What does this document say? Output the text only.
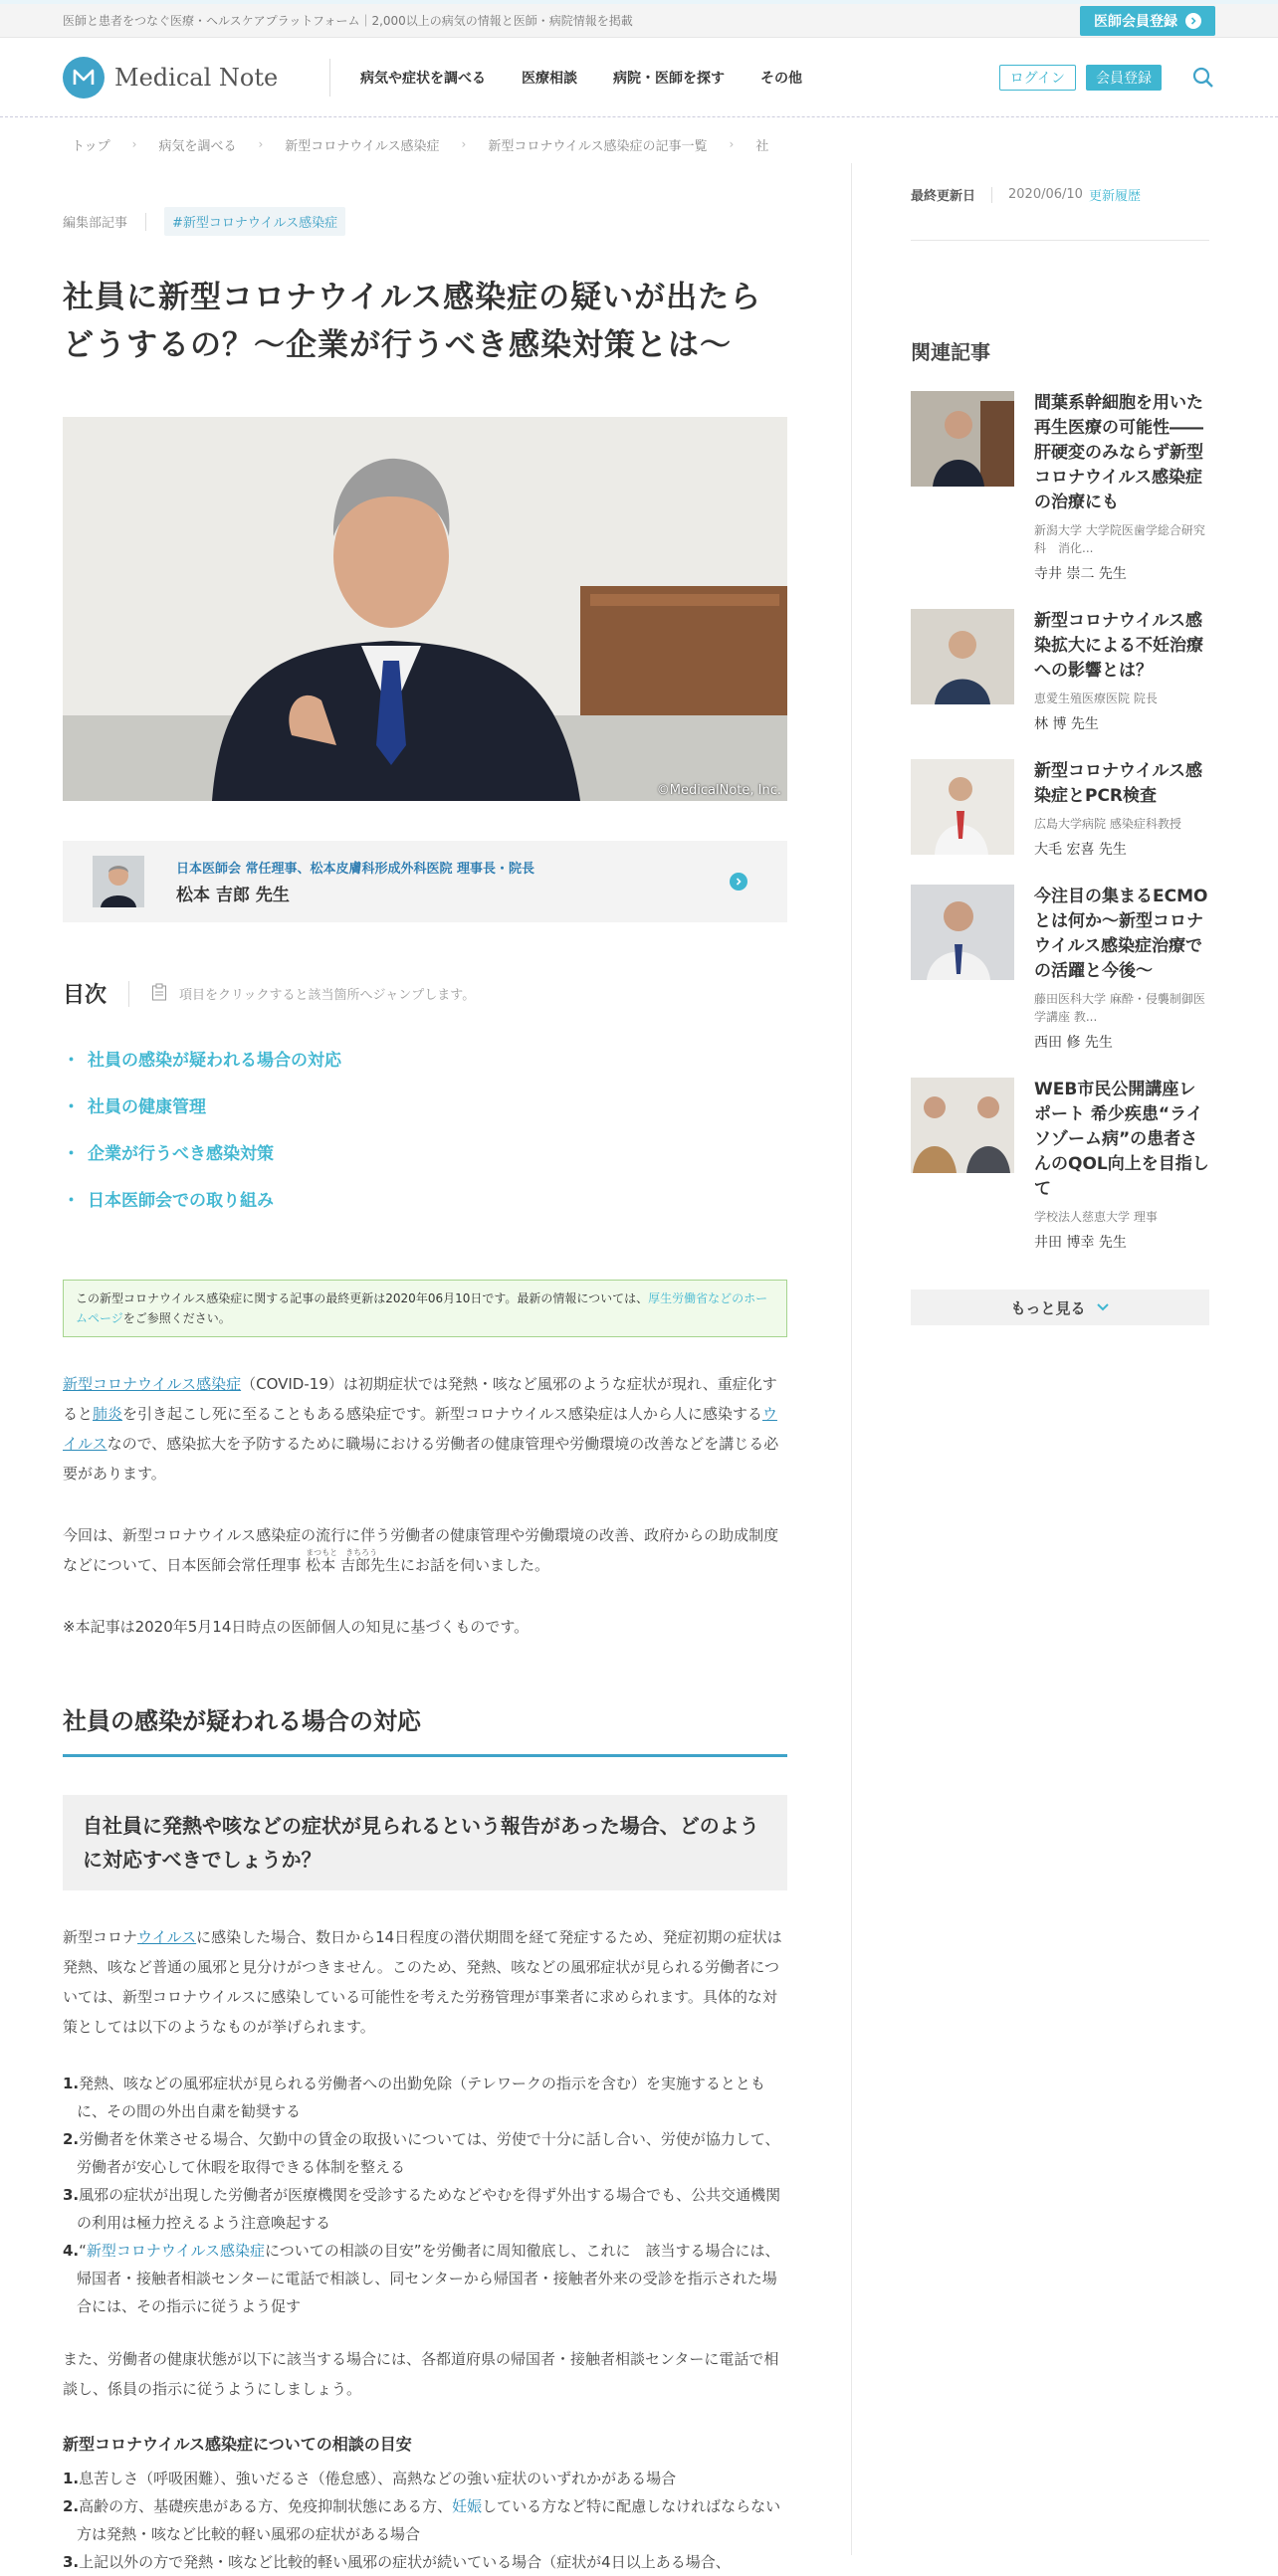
医師と患者をつなぐ医療・ヘルスケアプラットフォーム｜2,000以上の病気の情報と医師・病院情報を掲載	医師会員登録
Medical Note	病気や症状を調べる	医療相談	病院・医師を探す	その他	ログイン	会員登録
トップ › 病気を調べる › 新型コロナウイルス感染症 › 新型コロナウイルス感染症の記事一覧 › 社
編集部記事	#新型コロナウイルス感染症
社員に新型コロナウイルス感染症の疑いが出たら
どうするの？～企業が行うべき感染対策とは～
©MedicalNote, Inc.
日本医師会 常任理事、松本皮膚科形成外科医院 理事長・院長
松本 吉郎 先生
目次	項目をクリックすると該当箇所へジャンプします。
・ 社員の感染が疑われる場合の対応
・ 社員の健康管理
・ 企業が行うべき感染対策
・ 日本医師会での取り組み
この新型コロナウイルス感染症に関する記事の最終更新は2020年06月10日です。最新の情報については、厚生労働省などのホームページをご参照ください。

新型コロナウイルス感染症（COVID-19）は初期症状では発熱・咳など風邪のような症状が現れ、重症化すると肺炎を引き起こし死に至ることもある感染症です。新型コロナウイルス感染症は人から人に感染するウイルスなので、感染拡大を予防するために職場における労働者の健康管理や労働環境の改善などを講じる必要があります。

今回は、新型コロナウイルス感染症の流行に伴う労働者の健康管理や労働環境の改善、政府からの助成制度などについて、日本医師会常任理事
まつもと　きちろう
松本 吉郎先生にお話を伺いました。

※本記事は2020年5月14日時点の医師個人の知見に基づくものです。

社員の感染が疑われる場合の対応
自社員に発熱や咳などの症状が見られるという報告があった場合、どのように対応すべきでしょうか？

新型コロナウイルスに感染した場合、数日から14日程度の潜伏期間を経て発症するため、発症初期の症状は発熱、咳など普通の風邪と見分けがつきません。このため、発熱、咳などの風邪症状が見られる労働者については、新型コロナウイルスに感染している可能性を考えた労務管理が事業者に求められます。具体的な対策としては以下のようなものが挙げられます。

1.発熱、咳などの風邪症状が見られる労働者への出勤免除（テレワークの指示を含む）を実施するとともに、その間の外出自粛を勧奨する
2.労働者を休業させる場合、欠勤中の賃金の取扱いについては、労使で十分に話し合い、労使が協力して、労働者が安心して休暇を取得できる体制を整える
3.風邪の症状が出現した労働者が医療機関を受診するためなどやむを得ず外出する場合でも、公共交通機関の利用は極力控えるよう注意喚起する
4.“新型コロナウイルス感染症についての相談の目安”を労働者に周知徹底し、これに　該当する場合には、帰国者・接触者相談センターに電話で相談し、同センターから帰国者・接触者外来の受診を指示された場合には、その指示に従うよう促す

また、労働者の健康状態が以下に該当する場合には、各都道府県の帰国者・接触者相談センターに電話で相談し、係員の指示に従うようにしましょう。

新型コロナウイルス感染症についての相談の目安
1.息苦しさ（呼吸困難）、強いだるさ（倦怠感）、高熱などの強い症状のいずれかがある場合
2.高齢の方、基礎疾患がある方、免疫抑制状態にある方、妊娠している方など特に配慮しなければならない方は発熱・咳など比較的軽い風邪の症状がある場合
3.上記以外の方で発熱・咳など比較的軽い風邪の症状が続いている場合（症状が4日以上ある場合、
最終更新日	2020/06/10 更新履歴
関連記事
間葉系幹細胞を用いた再生医療の可能性――肝硬変のみならず新型コロナウイルス感染症の治療にも
新潟大学 大学院医歯学総合研究科　消化...
寺井 崇二 先生
新型コロナウイルス感染拡大による不妊治療への影響とは？
恵愛生殖医療医院 院長
林 博 先生
新型コロナウイルス感染症とPCR検査
広島大学病院 感染症科教授
大毛 宏喜 先生
今注目の集まるECMOとは何か〜新型コロナウイルス感染症治療での活躍と今後〜
藤田医科大学 麻酔・侵襲制御医学講座 教...
西田 修 先生
WEB市民公開講座レポート 希少疾患“ライソゾーム病”の患者さんのQOL向上を目指して
学校法人慈恵大学 理事
井田 博幸 先生
もっと見る
